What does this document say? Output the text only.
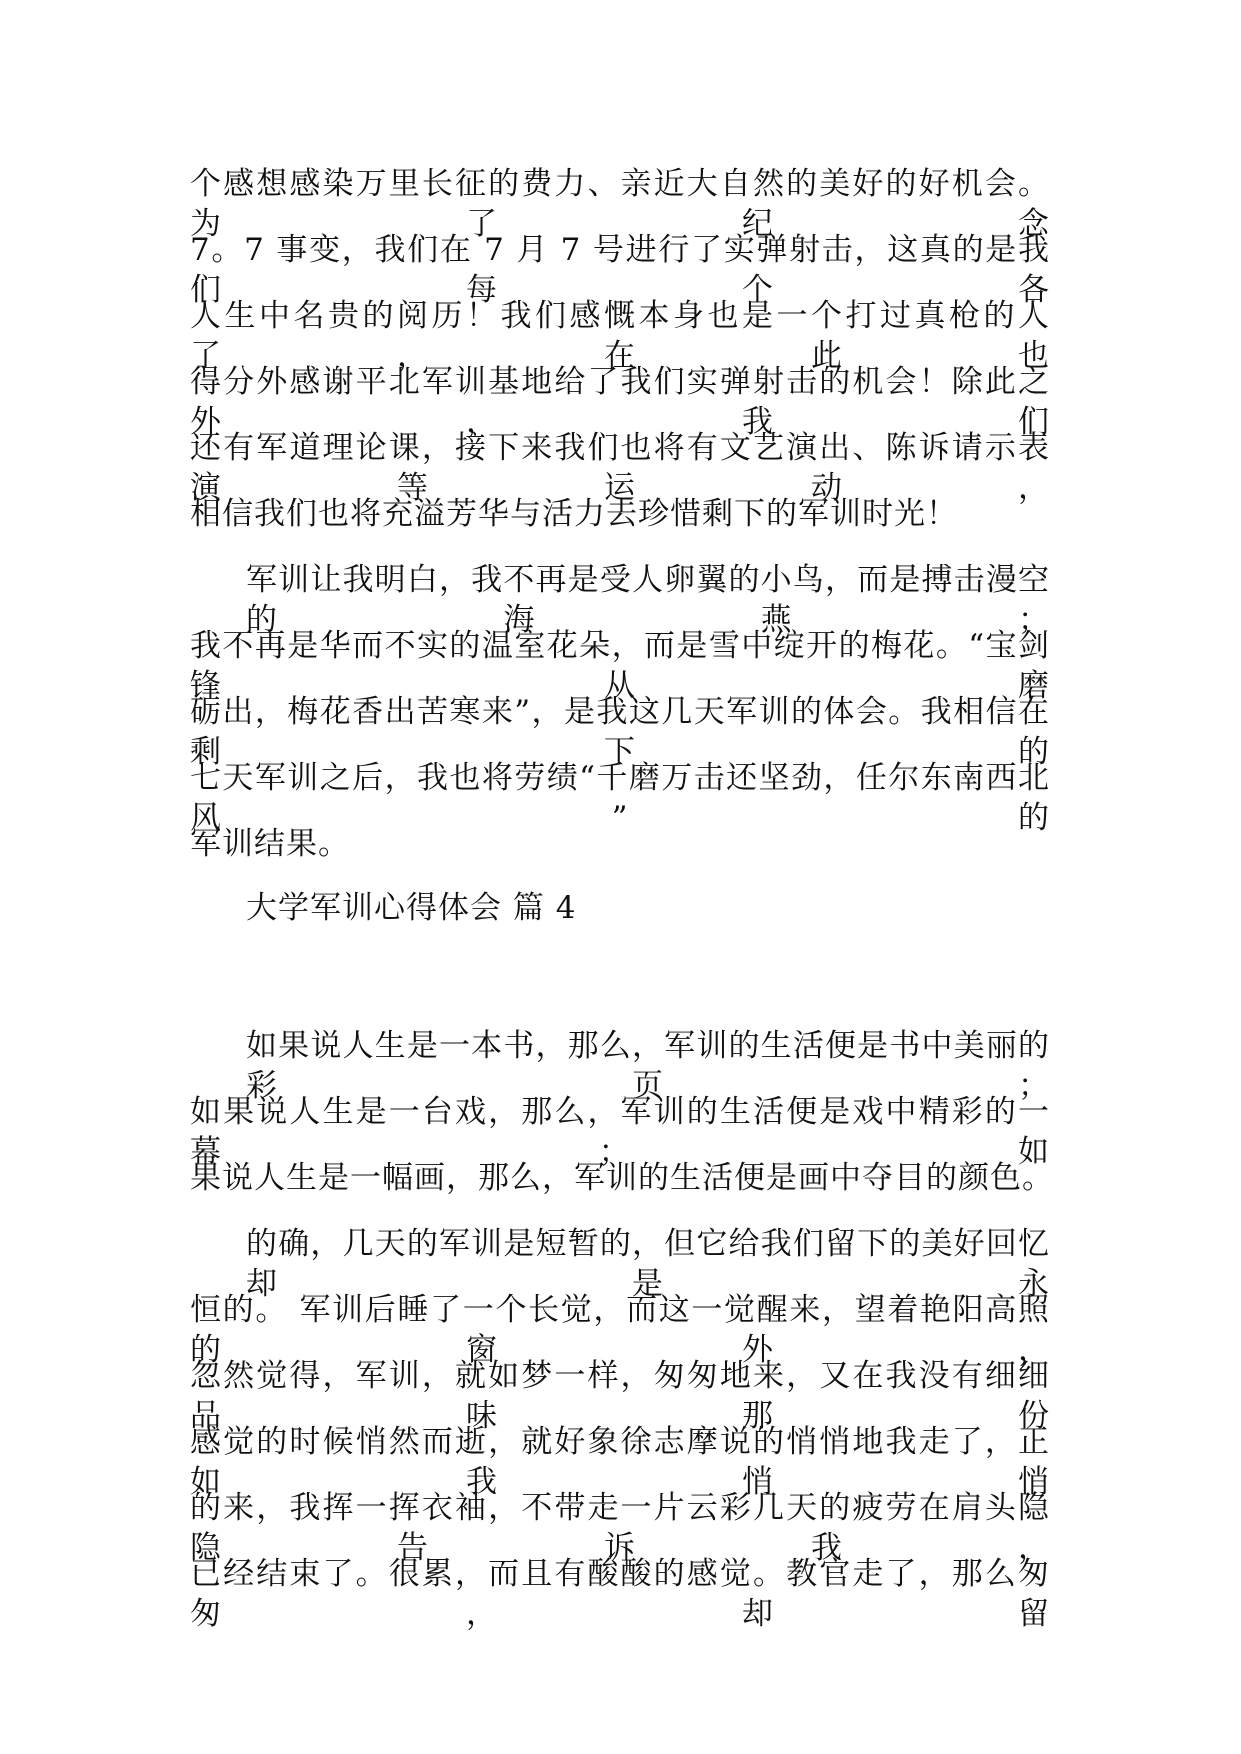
个感想感染万里长征的费力、亲近大自然的美好的好机会。为了纪念
7。7 事变，我们在 7 月 7 号进行了实弹射击，这真的是我们每个各
人生中名贵的阅历！我们感慨本身也是一个打过真枪的人了，在此也
得分外感谢平北军训基地给了我们实弹射击的机会！除此之外，我们
还有军道理论课，接下来我们也将有文艺演出、陈诉请示表演等运动，
相信我们也将充溢芳华与活力去珍惜剩下的军训时光！
军训让我明白，我不再是受人卵翼的小鸟，而是搏击漫空的海燕；
我不再是华而不实的温室花朵，而是雪中绽开的梅花。“宝剑锋从磨
砺出，梅花香出苦寒来”，是我这几天军训的体会。我相信在剩下的
七天军训之后，我也将劳绩“千磨万击还坚劲，任尔东南西北风”的
军训结果。
大学军训心得体会 篇 4
如果说人生是一本书，那么，军训的生活便是书中美丽的彩页；
如果说人生是一台戏，那么，军训的生活便是戏中精彩的一幕； 如
果说人生是一幅画，那么，军训的生活便是画中夺目的颜色。
的确，几天的军训是短暂的，但它给我们留下的美好回忆却是永
恒的。 军训后睡了一个长觉，而这一觉醒来，望着艳阳高照的窗外，
忽然觉得，军训，就如梦一样，匆匆地来，又在我没有细细品味那份
感觉的时候悄然而逝，就好象徐志摩说的悄悄地我走了，正如我悄悄
的来，我挥一挥衣袖，不带走一片云彩几天的疲劳在肩头隐隐告诉我，
已经结束了。很累，而且有酸酸的感觉。教官走了，那么匆匆，却留
